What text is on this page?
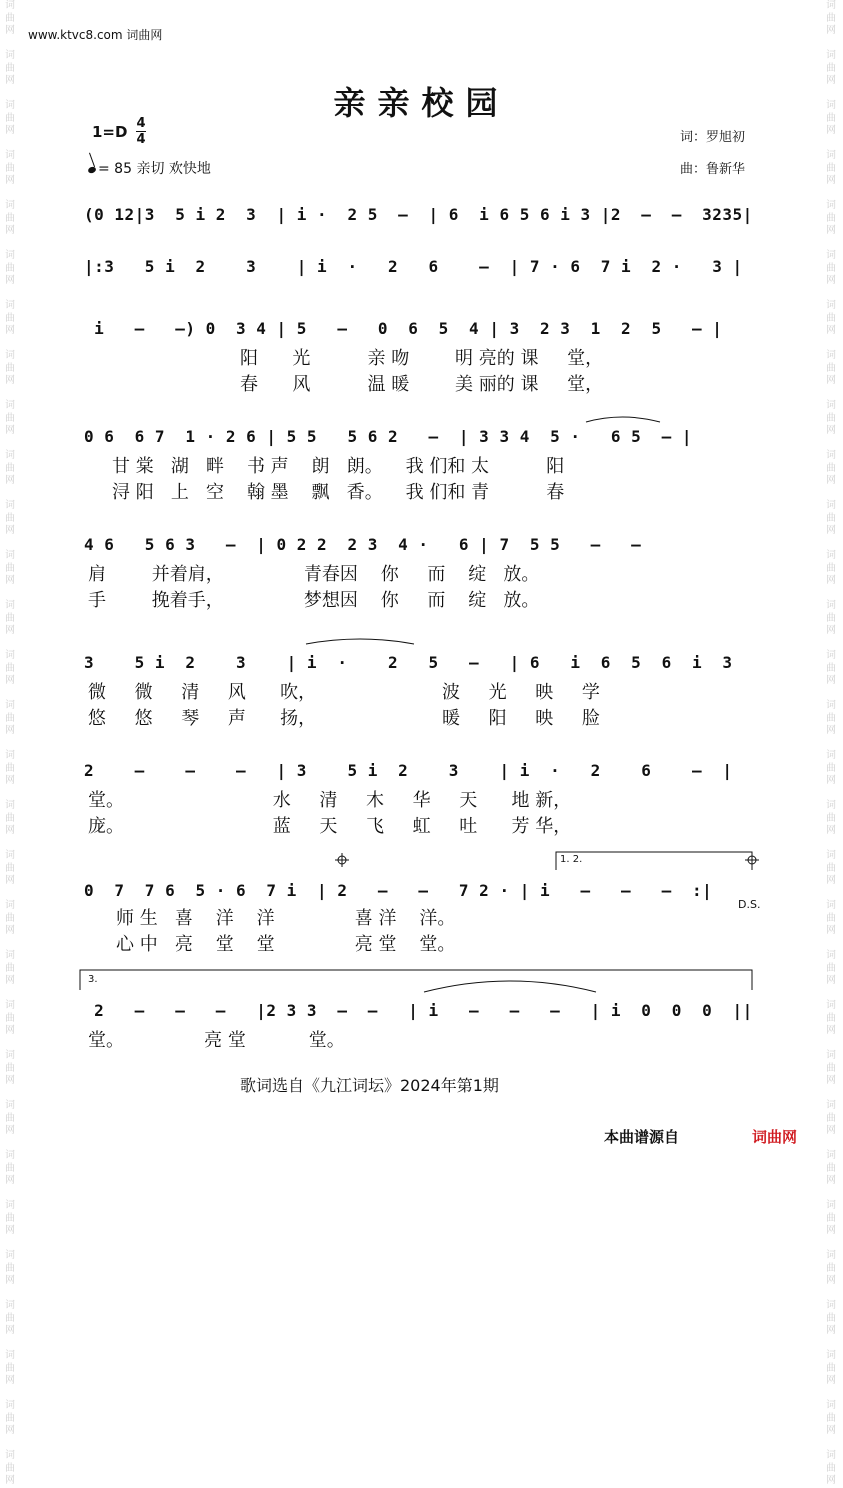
词
曲
网

词
曲
网

词
曲
网

词
曲
网

词
曲
网

词
曲
网

词
曲
网

词
曲
网

词
曲
网

词
曲
网

词
曲
网

词
曲
网

词
曲
网

词
曲
网

词
曲
网

词
曲
网

词
曲
网

词
曲
网

词
曲
网

词
曲
网

词
曲
网

词
曲
网

词
曲
网

词
曲
网

词
曲
网

词
曲
网

词
曲
网

词
曲
网

词
曲
网

词
曲
网

词
曲
网

词
曲
网

词
曲
网

词
曲
网

词
曲
网

词
曲
网

词
曲
网

词
曲
网

词
曲
网

词
曲
网

词
曲
网

词
曲
网

词
曲
网

词
曲
网

词
曲
网

词
曲
网

词
曲
网

词
曲
网

词
曲
网

词
曲
网

词
曲
网

词
曲
网

词
曲
网

词
曲
网

词
曲
网

词
曲
网

词
曲
网

词
曲
网

词
曲
网

词
曲
网

www.ktvc8.com 词曲网
亲亲校园
1=D 4
4
= 85 亲切 欢快地
词：罗旭初
曲：鲁新华
(0 12|3  5 i 2  3  | i ·  2 5  —  | 6  i 6 5 6 i 3 |2  —  —  3235|
|:3   5 i  2    3    | i  ·   2   6    —  | 7 · 6  7 i  2 ·   3 |
i   —   —) 0  3 4 | 5   —   0  6  5  4 | 3  2 3  1  2  5   — |
阳      光          亲 吻        明 亮的 课     堂，
春      风          温 暖        美 丽的 课     堂，
0 6  6 7  1 · 2 6 | 5 5   5 6 2   —  | 3 3 4  5 ·   6 5  — |
甘 棠   湖   畔    书 声    朗   朗。    我 们和 太          阳
浔 阳   上   空    翰 墨    飘   香。    我 们和 青          春
4 6   5 6 3   —  | 0 2 2  2 3  4 ·   6 | 7  5 5   —   —
肩        并着肩，              青春因    你     而    绽   放。
手        挽着手，              梦想因    你     而    绽   放。
3    5 i  2    3    | i  ·    2   5   —   | 6   i  6  5  6  i  3
微     微     清     风      吹，                      波     光     映     学
悠     悠     琴     声      扬，                      暖     阳     映     脸
2    —    —    —   | 3    5 i  2    3    | i  ·   2    6    —  |
堂。                          水     清     木     华     天      地 新，
庞。                          蓝     天     飞     虹     吐      芳 华，
1. 2.
0  7  7 6  5 · 6  7 i  | 2   —   —   7 2 · | i   —   —   —  :|
D.S.
师 生   喜    洋    洋              喜 洋    洋。
心 中   亮    堂    堂              亮 堂    堂。
3.
2   —   —   —   |2 3 3  —  —   | i   —   —   —   | i  0  0  0  ||
堂。              亮 堂           堂。
歌词选自《九江词坛》2024年第1期
本曲谱源自	词曲网
